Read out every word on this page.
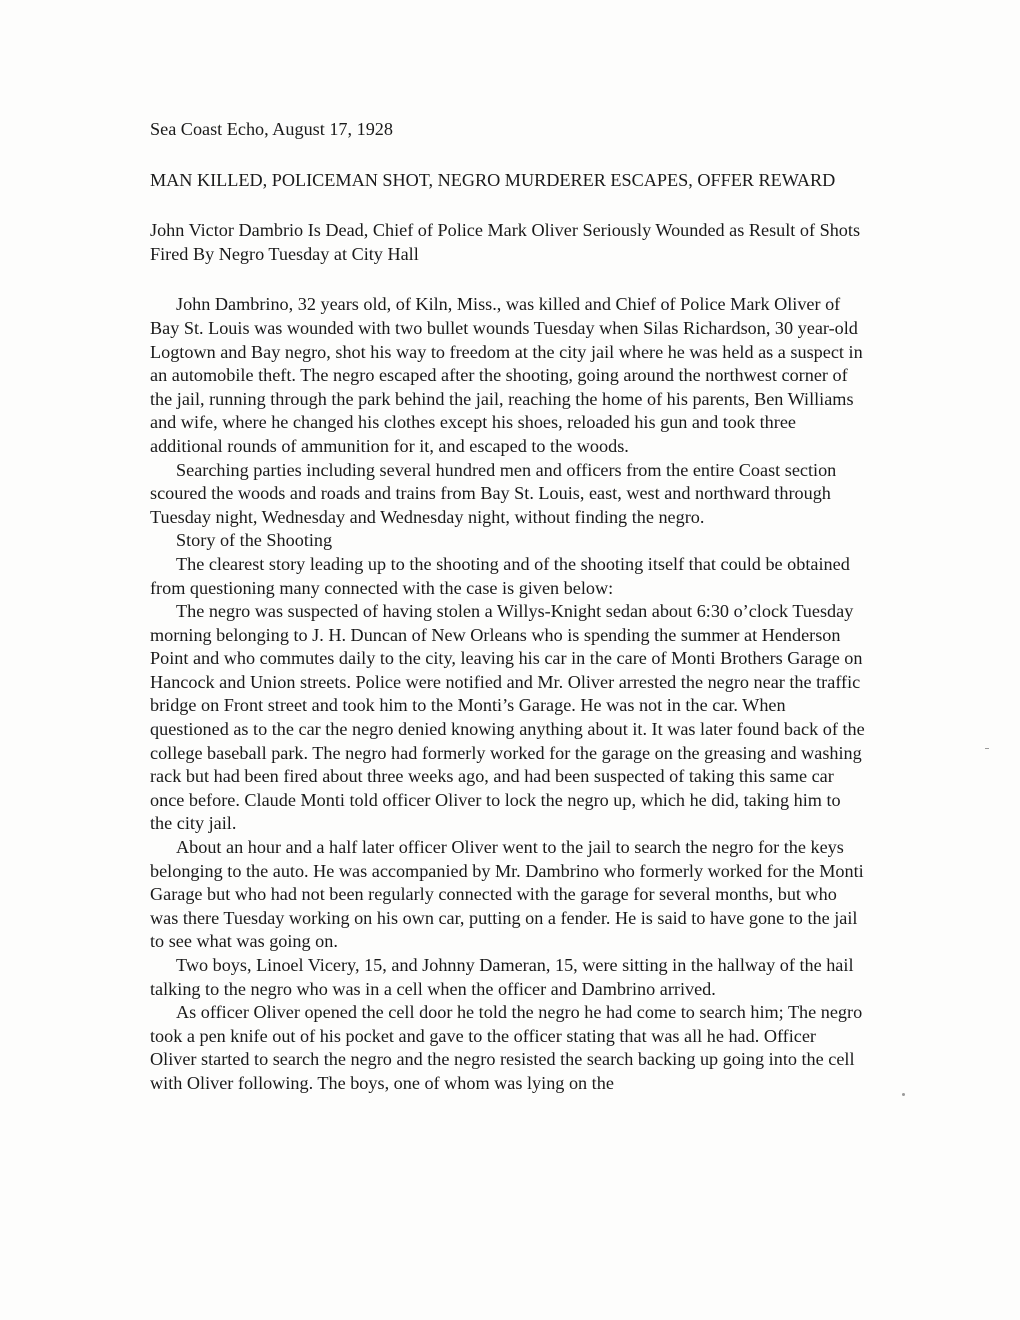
Sea Coast Echo, August 17, 1928

MAN KILLED, POLICEMAN SHOT, NEGRO MURDERER ESCAPES, OFFER REWARD

John Victor Dambrio Is Dead, Chief of Police Mark Oliver Seriously Wounded as Result of Shots Fired By Negro Tuesday at City Hall

John Dambrino, 32 years old, of Kiln, Miss., was killed and Chief of Police Mark Oliver of Bay St. Louis was wounded with two bullet wounds Tuesday when Silas Richardson, 30 year-old Logtown and Bay negro, shot his way to freedom at the city jail where he was held as a suspect in an automobile theft. The negro escaped after the shooting, going around the northwest corner of the jail, running through the park behind the jail, reaching the home of his parents, Ben Williams and wife, where he changed his clothes except his shoes, reloaded his gun and took three additional rounds of ammunition for it, and escaped to the woods.

Searching parties including several hundred men and officers from the entire Coast section scoured the woods and roads and trains from Bay St. Louis, east, west and northward through Tuesday night, Wednesday and Wednesday night, without finding the negro.

Story of the Shooting

The clearest story leading up to the shooting and of the shooting itself that could be obtained from questioning many connected with the case is given below:

The negro was suspected of having stolen a Willys-Knight sedan about 6:30 o’clock Tuesday morning belonging to J. H. Duncan of New Orleans who is spending the summer at Henderson Point and who commutes daily to the city, leaving his car in the care of Monti Brothers Garage on Hancock and Union streets. Police were notified and Mr. Oliver arrested the negro near the traffic bridge on Front street and took him to the Monti’s Garage. He was not in the car. When questioned as to the car the negro denied knowing anything about it. It was later found back of the college baseball park. The negro had formerly worked for the garage on the greasing and washing rack but had been fired about three weeks ago, and had been suspected of taking this same car once before. Claude Monti told officer Oliver to lock the negro up, which he did, taking him to the city jail.

About an hour and a half later officer Oliver went to the jail to search the negro for the keys belonging to the auto. He was accompanied by Mr. Dambrino who formerly worked for the Monti Garage but who had not been regularly connected with the garage for several months, but who was there Tuesday working on his own car, putting on a fender. He is said to have gone to the jail to see what was going on.

Two boys, Linoel Vicery, 15, and Johnny Dameran, 15, were sitting in the hallway of the hail talking to the negro who was in a cell when the officer and Dambrino arrived.

As officer Oliver opened the cell door he told the negro he had come to search him; The negro took a pen knife out of his pocket and gave to the officer stating that was all he had. Officer Oliver started to search the negro and the negro resisted the search backing up going into the cell with Oliver following. The boys, one of whom was lying on the
